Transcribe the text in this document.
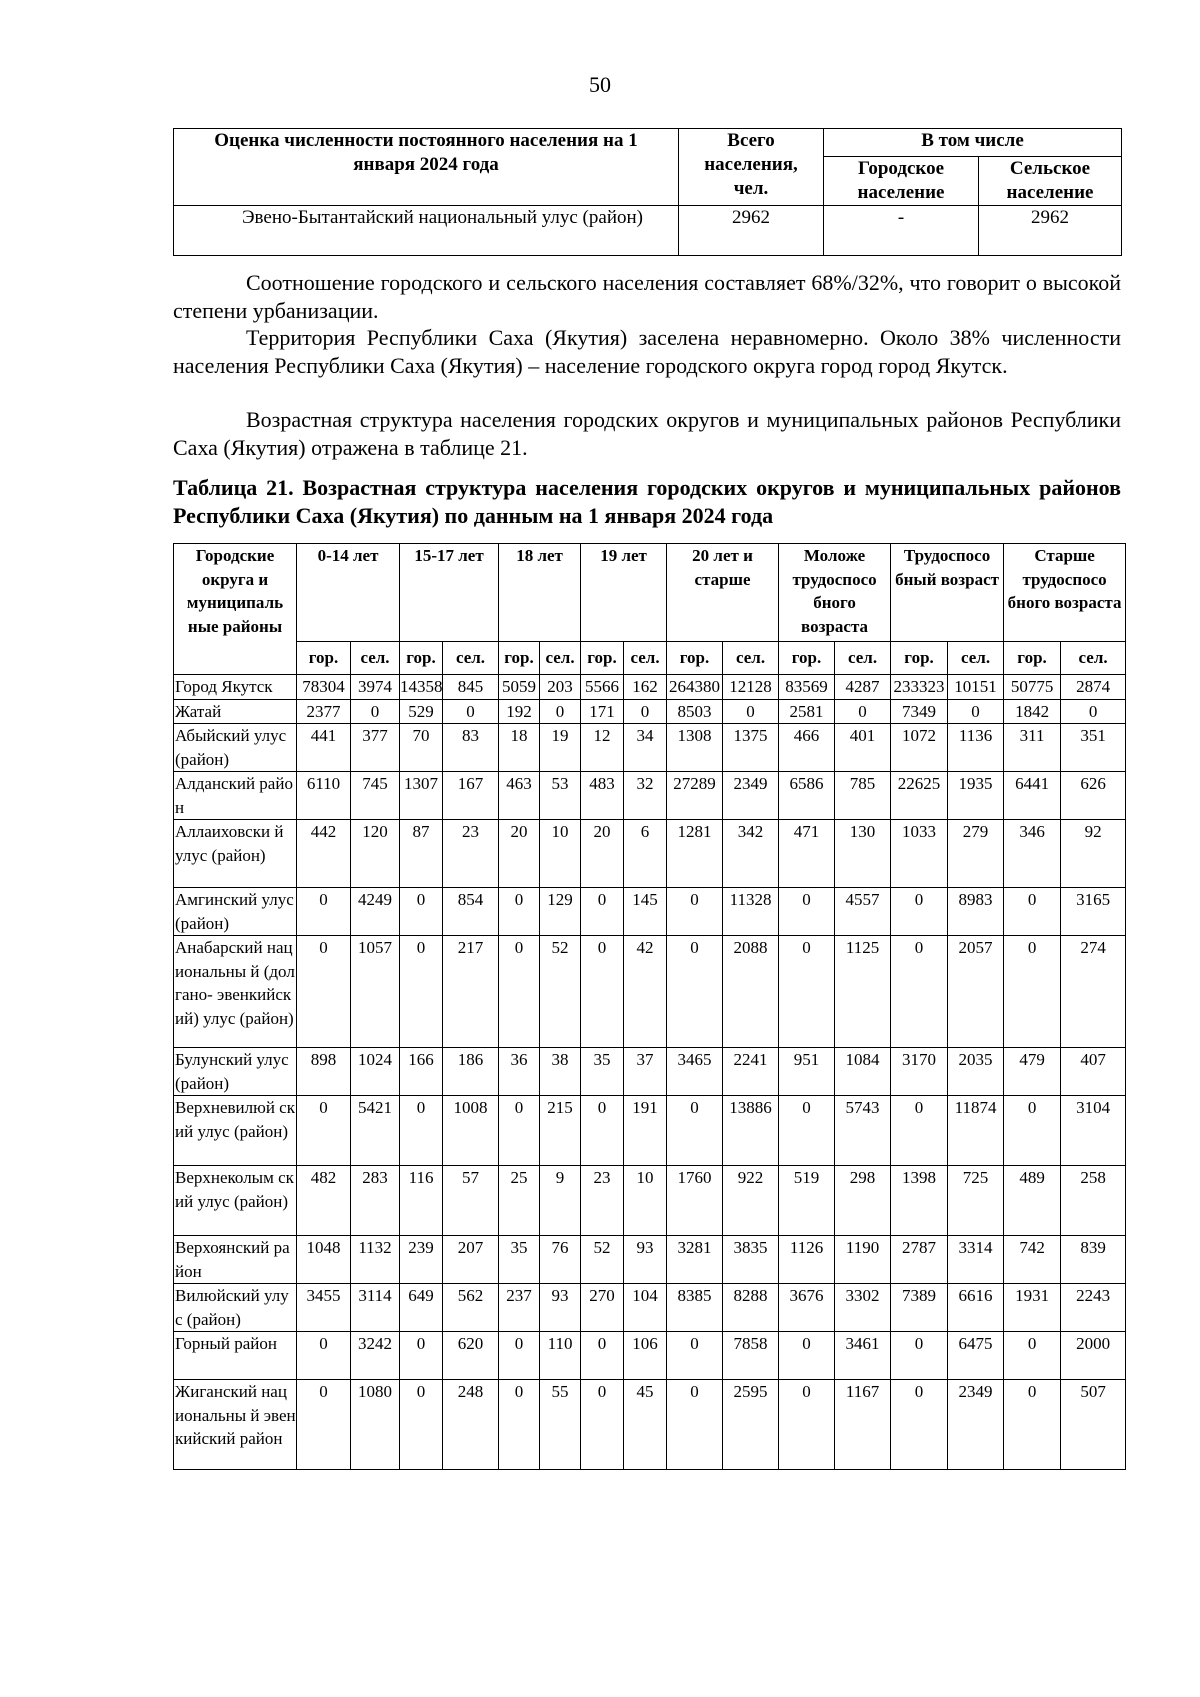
50
Оценка численности постоянного населения на 1 января 2024 года	Всего населения, чел.	В том числе	
		Городское население	Сельское население
Эвено-Бытантайский национальный улус (район)	2962	-	2962

Соотношение городского и сельского населения составляет 68%/32%, что говорит о высокой степени урбанизации.

Территория Республики Саха (Якутия) заселена неравномерно. Около 38% численности населения Республики Саха (Якутия) – население городского округа город город Якутск.

Возрастная структура населения городских округов и муниципальных районов Республики Саха (Якутия) отражена в таблице 21.

Таблица 21. Возрастная структура населения городских округов и муниципальных районов Республики Саха (Якутия) по данным на 1 января 2024 года
Городские округа и муниципаль ные районы	0-14 лет		15-17 лет		18 лет		19 лет		20 лет и старше		Моложе трудоспосо бного возраста		Трудоспосо бный возраст		Старше трудоспосо бного возраста	
	гор.	сел.	гор.	сел.	гор.	сел.	гор.	сел.	гор.	сел.	гор.	сел.	гор.	сел.	гор.	сел.
Город Якутск	78304	3974	14358	845	5059	203	5566	162	264380	12128	83569	4287	233323	10151	50775	2874
Жатай	2377	0	529	0	192	0	171	0	8503	0	2581	0	7349	0	1842	0
Абыйский улус (район)	441	377	70	83	18	19	12	34	1308	1375	466	401	1072	1136	311	351
Алданский район	6110	745	1307	167	463	53	483	32	27289	2349	6586	785	22625	1935	6441	626
Аллаиховски й улус (район)	442	120	87	23	20	10	20	6	1281	342	471	130	1033	279	346	92
Амгинский улус (район)	0	4249	0	854	0	129	0	145	0	11328	0	4557	0	8983	0	3165
Анабарский национальны й (долгано- эвенкийский) улус (район)	0	1057	0	217	0	52	0	42	0	2088	0	1125	0	2057	0	274
Булунский улус (район)	898	1024	166	186	36	38	35	37	3465	2241	951	1084	3170	2035	479	407
Верхневилюй ский улус (район)	0	5421	0	1008	0	215	0	191	0	13886	0	5743	0	11874	0	3104
Верхнеколым ский улус (район)	482	283	116	57	25	9	23	10	1760	922	519	298	1398	725	489	258
Верхоянский район	1048	1132	239	207	35	76	52	93	3281	3835	1126	1190	2787	3314	742	839
Вилюйский улус (район)	3455	3114	649	562	237	93	270	104	8385	8288	3676	3302	7389	6616	1931	2243
Горный район	0	3242	0	620	0	110	0	106	0	7858	0	3461	0	6475	0	2000
Жиганский национальны й эвенкийский район	0	1080	0	248	0	55	0	45	0	2595	0	1167	0	2349	0	507
